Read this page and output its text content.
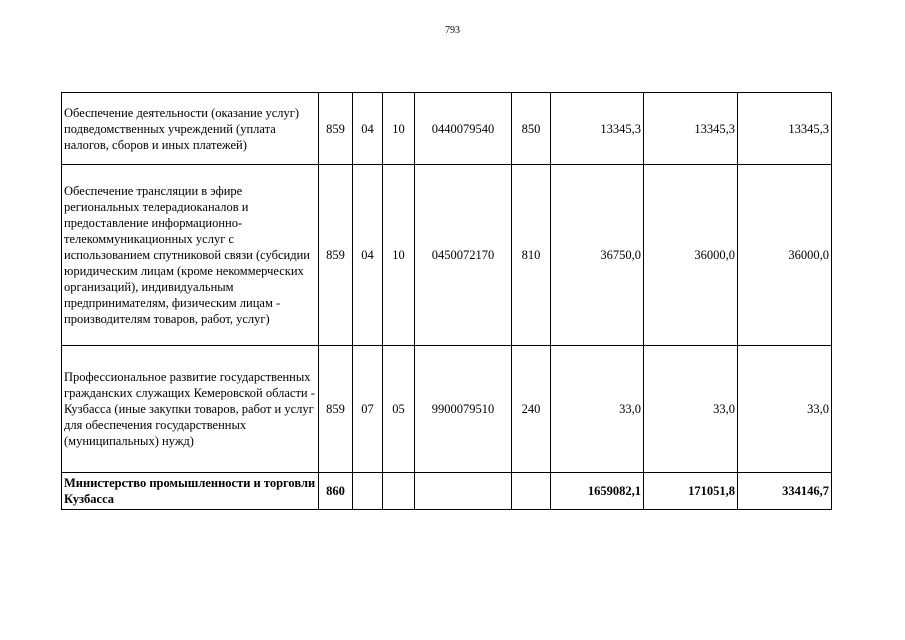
793
Обеспечение деятельности (оказание услуг) подведомственных учреждений (уплата налогов, сборов и иных платежей)	859	04	10	0440079540	850	13345,3	13345,3	13345,3
Обеспечение трансляции в эфире региональных телерадиоканалов и предоставление информационно-телекоммуникационных услуг с использованием спутниковой связи (субсидии юридическим лицам (кроме некоммерческих организаций), индивидуальным предпринимателям, физическим лицам - производителям товаров, работ, услуг)	859	04	10	0450072170	810	36750,0	36000,0	36000,0
Профессиональное развитие государственных гражданских служащих Кемеровской области - Кузбасса (иные закупки товаров, работ и услуг для обеспечения государственных (муниципальных) нужд)	859	07	05	9900079510	240	33,0	33,0	33,0
Министерство промышленности и торговли Кузбасса	860					1659082,1	171051,8	334146,7
